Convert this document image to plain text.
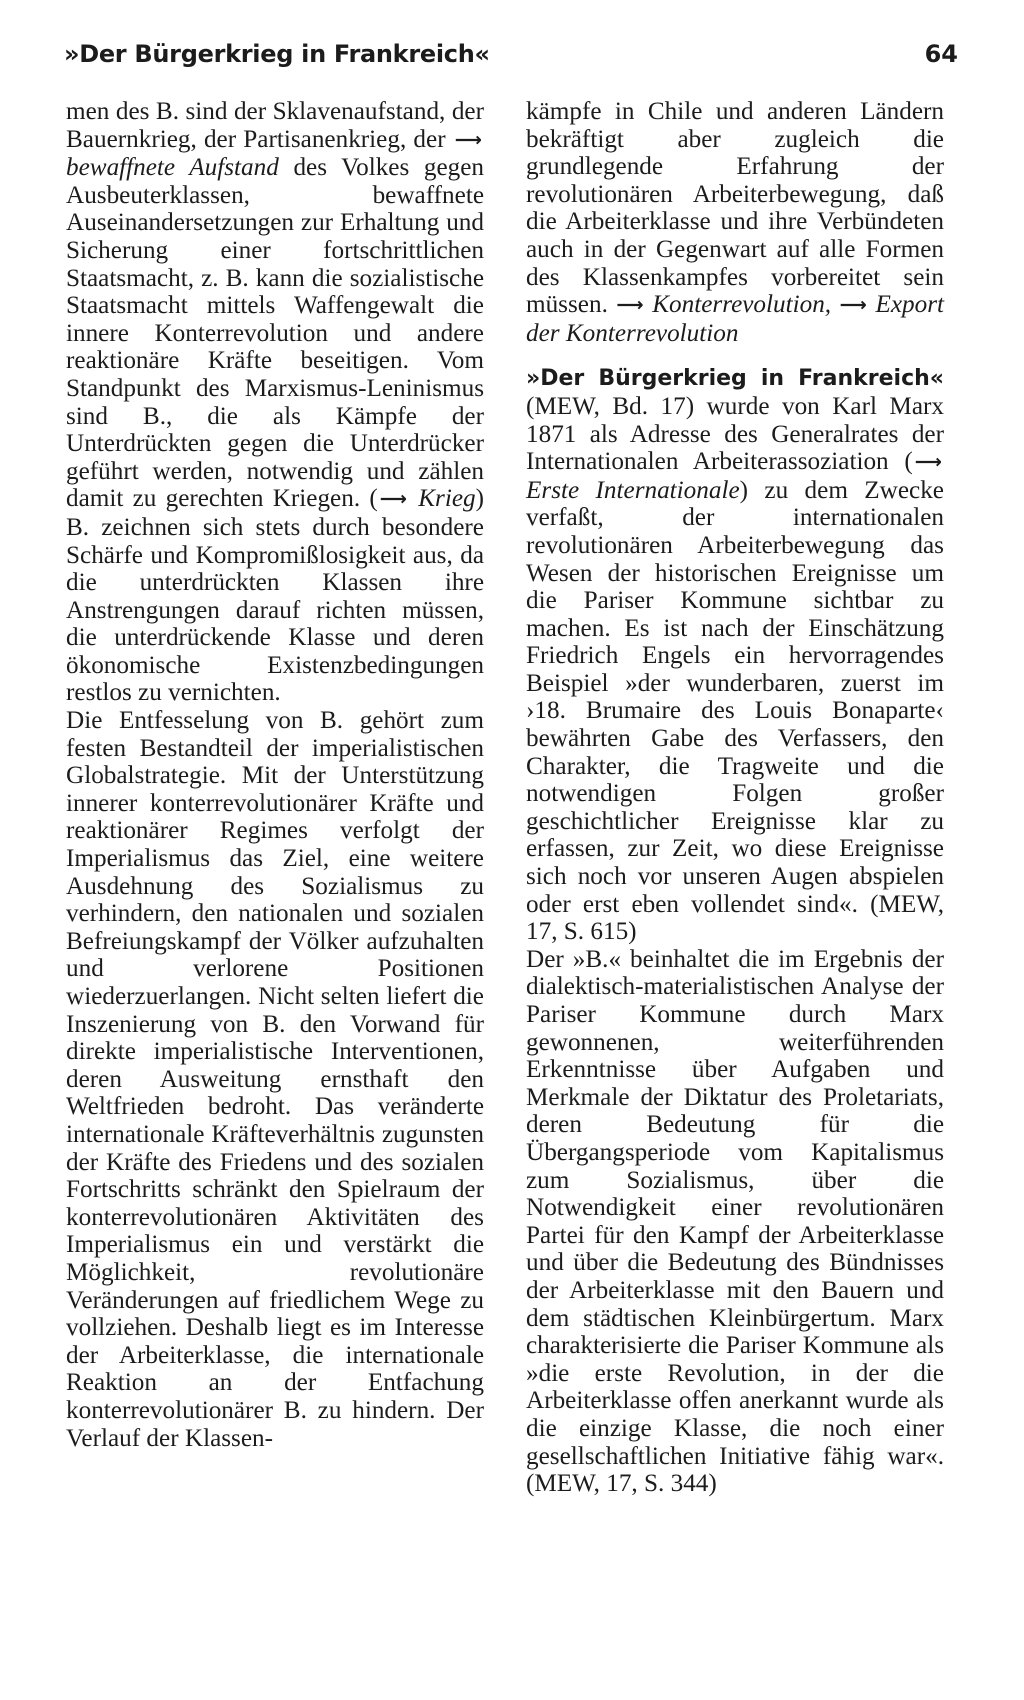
»Der Bürgerkrieg in Frankreich«	64

men des B. sind der Sklavenaufstand, der Bauernkrieg, der Partisanenkrieg, der ⟶ bewaffnete Aufstand des Volkes gegen Ausbeuterklassen, bewaffnete Auseinandersetzungen zur Erhaltung und Sicherung einer fortschrittlichen Staatsmacht, z. B. kann die sozialistische Staatsmacht mittels Waffengewalt die innere Konterrevolution und andere reaktionäre Kräfte beseitigen. Vom Standpunkt des Marxismus-Leninismus sind B., die als Kämpfe der Unterdrückten gegen die Unterdrücker geführt werden, notwendig und zählen damit zu gerechten Kriegen. ( ⟶ Krieg) B. zeichnen sich stets durch besondere Schärfe und Kompromißlosigkeit aus, da die unterdrückten Klassen ihre Anstrengungen darauf richten müssen, die unterdrückende Klasse und deren ökonomische Existenzbedingungen restlos zu vernichten.

Die Entfesselung von B. gehört zum festen Bestandteil der imperialistischen Globalstrategie. Mit der Unterstützung innerer konterrevolutionärer Kräfte und reaktionärer Regimes verfolgt der Imperialismus das Ziel, eine weitere Ausdehnung des Sozialismus zu verhindern, den nationalen und sozialen Befreiungskampf der Völker aufzuhalten und verlorene Positionen wiederzuerlangen. Nicht selten liefert die Inszenierung von B. den Vorwand für direkte imperialistische Interventionen, deren Ausweitung ernsthaft den Weltfrieden bedroht. Das veränderte internationale Kräfteverhältnis zugunsten der Kräfte des Friedens und des sozialen Fortschritts schränkt den Spielraum der konterrevolutionären Aktivitäten des Imperialismus ein und verstärkt die Möglichkeit, revolutionäre Veränderungen auf friedlichem Wege zu vollziehen. Deshalb liegt es im Interesse der Arbeiterklasse, die internationale Reaktion an der Entfachung konterrevolutionärer B. zu hindern. Der Verlauf der Klassen-

kämpfe in Chile und anderen Ländern bekräftigt aber zugleich die grundlegende Erfahrung der revolutionären Arbeiterbewegung, daß die Arbeiterklasse und ihre Verbündeten auch in der Gegenwart auf alle Formen des Klassenkampfes vorbereitet sein müssen. ⟶ Konterrevolution, ⟶ Export der Konterrevolution

»Der Bürgerkrieg in Frankreich« (MEW, Bd. 17) wurde von Karl Marx 1871 als Adresse des Generalrates der Internationalen Arbeiterassoziation ( ⟶ Erste Internationale) zu dem Zwecke verfaßt, der internationalen revolutionären Arbeiterbewegung das Wesen der historischen Ereignisse um die Pariser Kommune sichtbar zu machen. Es ist nach der Einschätzung Friedrich Engels ein hervorragendes Beispiel »der wunderbaren, zuerst im ›18. Brumaire des Louis Bonaparte‹ bewährten Gabe des Verfassers, den Charakter, die Tragweite und die notwendigen Folgen großer geschichtlicher Ereignisse klar zu erfassen, zur Zeit, wo diese Ereignisse sich noch vor unseren Augen abspielen oder erst eben vollendet sind«. (MEW, 17, S. 615)

Der »B.« beinhaltet die im Ergebnis der dialektisch-materialistischen Analyse der Pariser Kommune durch Marx gewonnenen, weiterführenden Erkenntnisse über Aufgaben und Merkmale der Diktatur des Proletariats, deren Bedeutung für die Übergangsperiode vom Kapitalismus zum Sozialismus, über die Notwendigkeit einer revolutionären Partei für den Kampf der Arbeiterklasse und über die Bedeutung des Bündnisses der Arbeiterklasse mit den Bauern und dem städtischen Kleinbürgertum. Marx charakterisierte die Pariser Kommune als »die erste Revolution, in der die Arbeiterklasse offen anerkannt wurde als die einzige Klasse, die noch einer gesellschaftlichen Initiative fähig war«. (MEW, 17, S. 344)
